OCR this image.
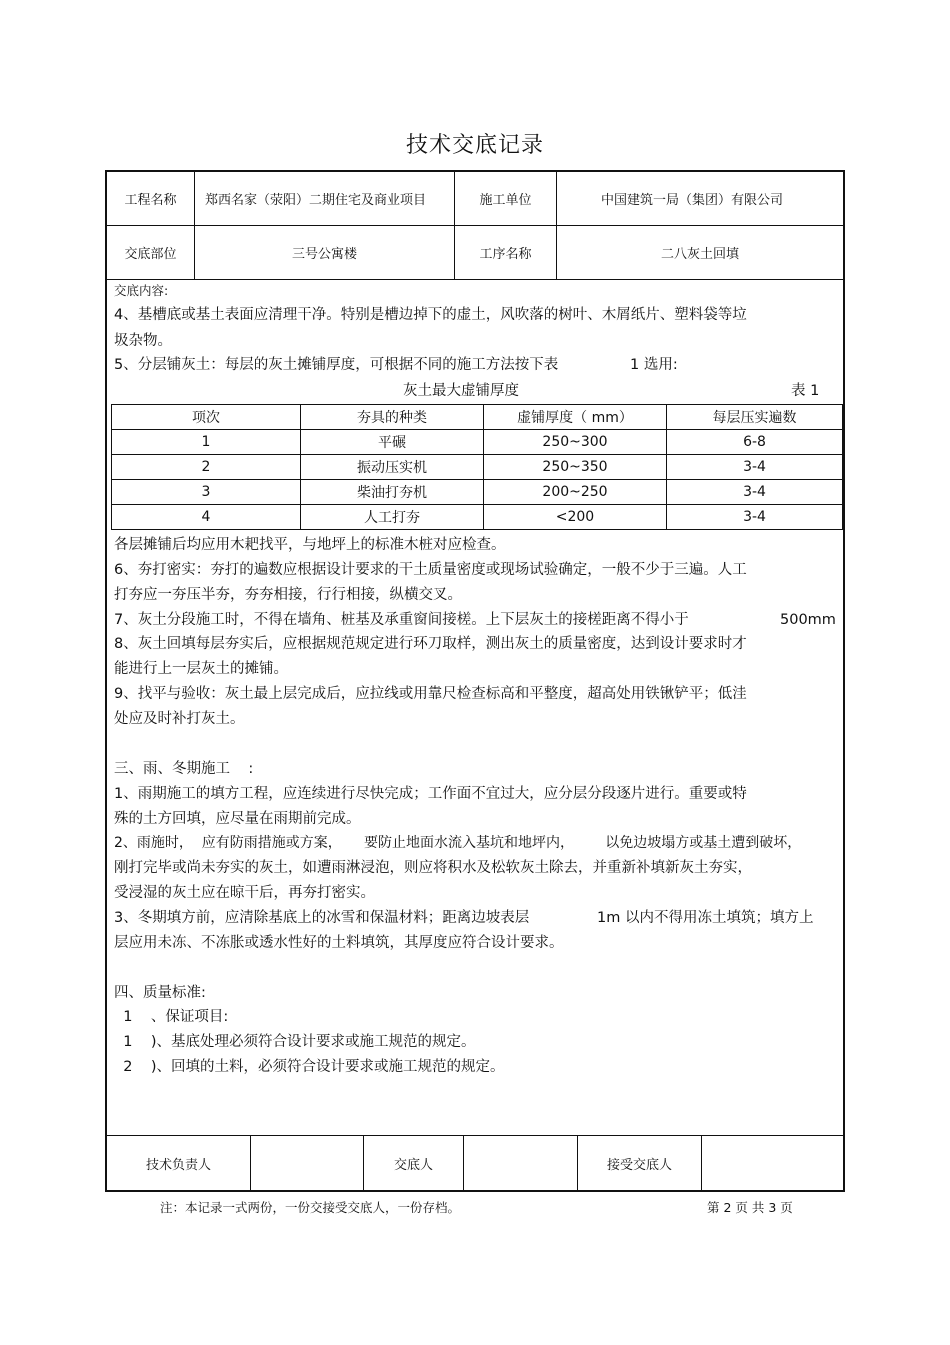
技术交底记录
工程名称	郑西名家（荥阳）二期住宅及商业项目	施工单位	中国建筑一局（集团）有限公司
交底部位	三号公寓楼	工序名称	二八灰土回填
交底内容:
4、基槽底或基土表面应清理干净。特别是槽边掉下的虚土，风吹落的树叶、木屑纸片、塑料袋等垃
圾杂物。
5、分层铺灰土：每层的灰土摊铺厚度，可根据不同的施工方法按下表	1 选用:
灰土最大虚铺厚度	表 1
项次	夯具的种类	虚铺厚度（ mm）	每层压实遍数
1	平碾	250~300	6-8
2	振动压实机	250~350	3-4
3	柴油打夯机	200~250	3-4
4	人工打夯	<200	3-4
各层摊铺后均应用木耙找平，与地坪上的标准木桩对应检查。
6、夯打密实：夯打的遍数应根据设计要求的干土质量密度或现场试验确定，一般不少于三遍。人工
打夯应一夯压半夯，夯夯相接，行行相接，纵横交叉。
7、灰土分段施工时，不得在墙角、桩基及承重窗间接槎。上下层灰土的接槎距离不得小于	500mm
8、灰土回填每层夯实后，应根据规范规定进行环刀取样，测出灰土的质量密度，达到设计要求时才
能进行上一层灰土的摊铺。
9、找平与验收：灰土最上层完成后，应拉线或用靠尺检查标高和平整度，超高处用铁锹铲平；低洼
处应及时补打灰土。
三、雨、冬期施工    :
1、雨期施工的填方工程，应连续进行尽快完成；工作面不宜过大，应分层分段逐片进行。重要或特
殊的土方回填，应尽量在雨期前完成。
2、雨施时，  应有防雨措施或方案，     要防止地面水流入基坑和地坪内，       以免边坡塌方或基土遭到破坏，
刚打完毕或尚未夯实的灰土，如遭雨淋浸泡，则应将积水及松软灰土除去，并重新补填新灰土夯实，
受浸湿的灰土应在晾干后，再夯打密实。
3、冬期填方前，应清除基底上的冰雪和保温材料；距离边坡表层	1m 以内不得用冻土填筑；填方上
层应用未冻、不冻胀或透水性好的土料填筑，其厚度应符合设计要求。
四、质量标准:
1    、保证项目:
1    )、基底处理必须符合设计要求或施工规范的规定。
2    )、回填的土料，必须符合设计要求或施工规范的规定。
技术负责人	交底人	接受交底人
注：本记录一式两份，一份交接受交底人，一份存档。	第 2 页 共 3 页
